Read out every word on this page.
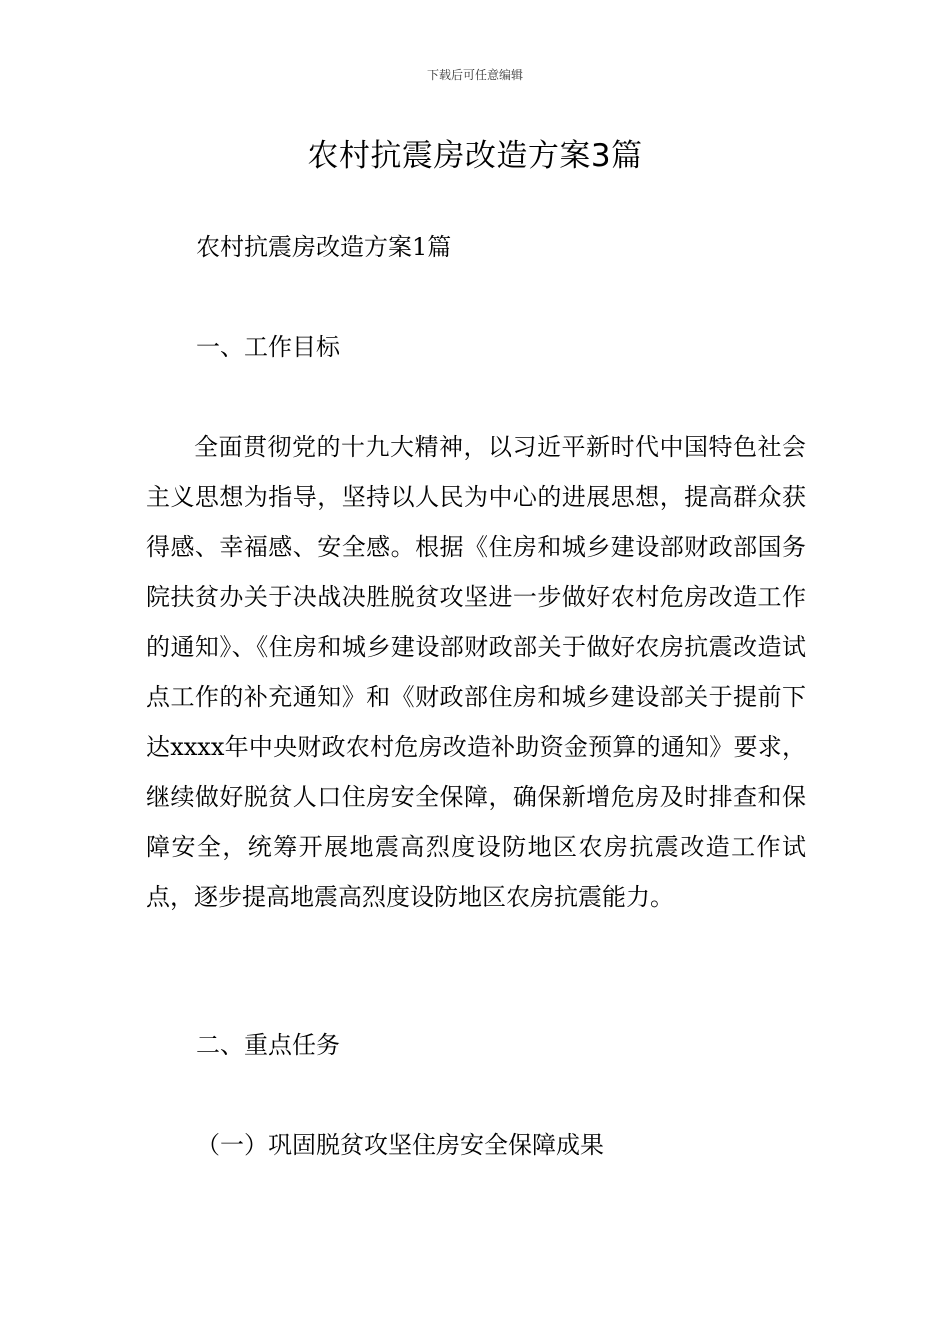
下载后可任意编辑
农村抗震房改造方案3篇
农村抗震房改造方案1篇
一、工作目标
全面贯彻党的十九大精神，以习近平新时代中国特色社会主义思想为指导，坚持以人民为中心的进展思想，提高群众获得感、幸福感、安全感。根据《住房和城乡建设部财政部国务院扶贫办关于决战决胜脱贫攻坚进一步做好农村危房改造工作的通知》、《住房和城乡建设部财政部关于做好农房抗震改造试点工作的补充通知》和《财政部住房和城乡建设部关于提前下达xxxx年中央财政农村危房改造补助资金预算的通知》要求，继续做好脱贫人口住房安全保障，确保新增危房及时排查和保障安全，统筹开展地震高烈度设防地区农房抗震改造工作试点，逐步提高地震高烈度设防地区农房抗震能力。
二、重点任务
（一）巩固脱贫攻坚住房安全保障成果
